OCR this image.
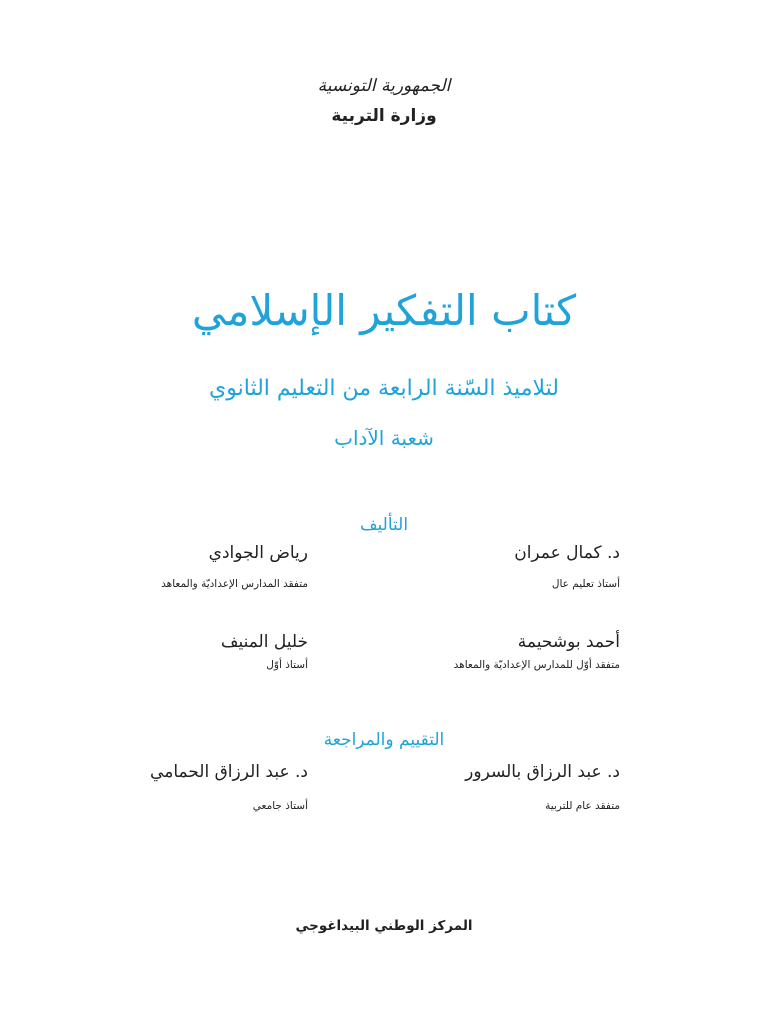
الجمهورية التونسية
وزارة التربية
كتاب التفكير الإسلامي
لتلاميذ السّنة الرابعة من التعليم الثانوي
شعبة الآداب
التأليف
د. كمال عمران
أستاذ تعليم عال
رياض الجوادي
متفقد المدارس الإعداديّة والمعاهد
أحمد بوشحيمة
متفقد أوّل للمدارس الإعداديّة والمعاهد
خليل المنيف
أستاذ أوّل
التقييم والمراجعة
د. عبد الرزاق بالسرور
متفقد عام للتربية
د. عبد الرزاق الحمامي
أستاذ جامعي
المركز الوطني البيداغوجي
